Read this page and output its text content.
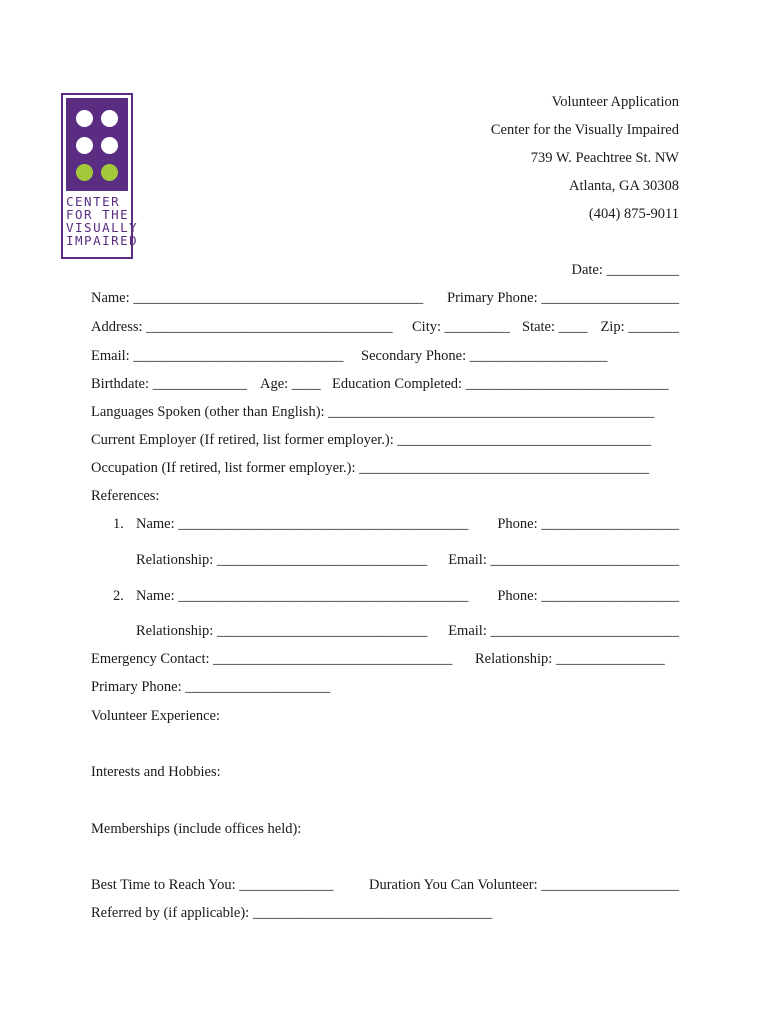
CENTER
FOR THE
VISUALLY
IMPAIRED
Volunteer Application
Center for the Visually Impaired
739 W. Peachtree St. NW
Atlanta, GA 30308
(404) 875-9011
Date: __________
Name: ________________________________________ Primary Phone: ___________________
Address: __________________________________ City: _________ State: ____ Zip: _______
Email: _____________________________ Secondary Phone: ___________________
Birthdate: _____________ Age: ____ Education Completed: ____________________________
Languages Spoken (other than English): _____________________________________________
Current Employer (If retired, list former employer.): ___________________________________
Occupation (If retired, list former employer.): ________________________________________
References:
1. Name: ________________________________________ Phone: ___________________
Relationship: _____________________________ Email: __________________________
2. Name: ________________________________________ Phone: ___________________
Relationship: _____________________________ Email: __________________________
Emergency Contact: _________________________________ Relationship: _______________
Primary Phone: ____________________
Volunteer Experience:
Interests and Hobbies:
Memberships (include offices held):
Best Time to Reach You: _____________ Duration You Can Volunteer: ___________________
Referred by (if applicable): _________________________________
